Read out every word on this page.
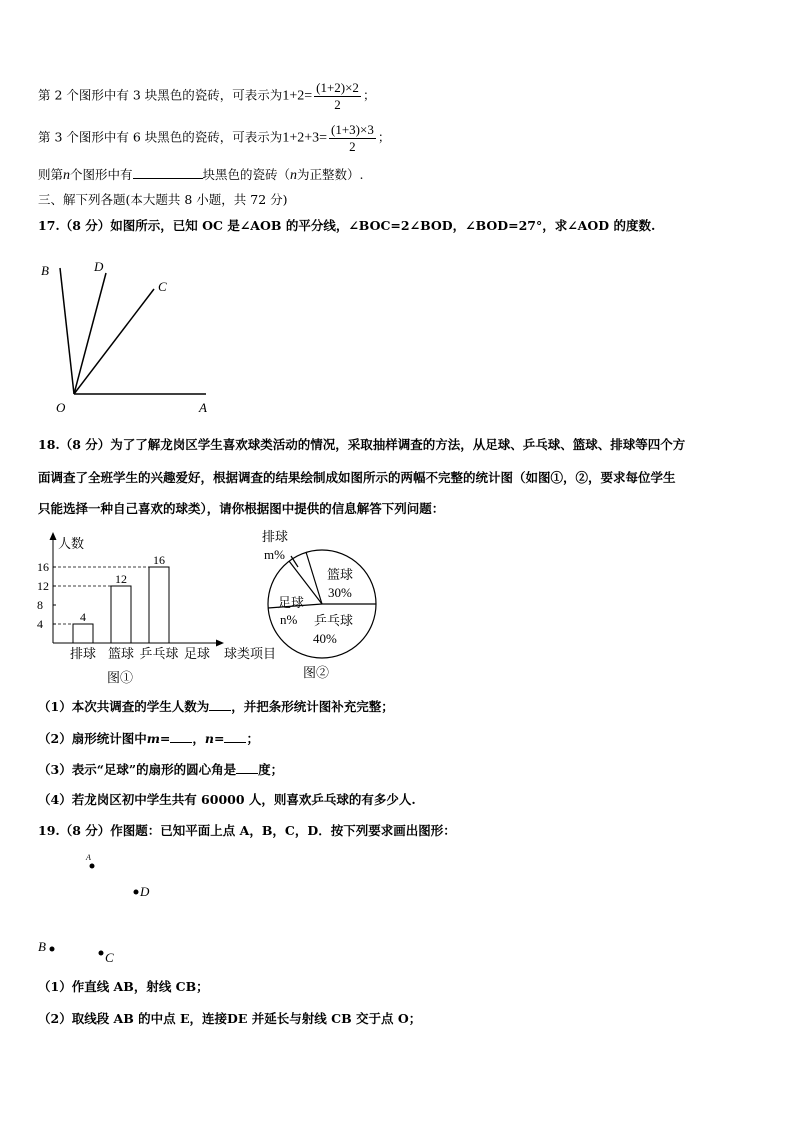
第 2 个图形中有 3 块黑色的瓷砖，可表示为$1+2= \frac{(1+2)\times 2}{2}$ ；
第 3 个图形中有 6 块黑色的瓷砖，可表示为$1+2+3= \frac{(1+3)\times 3}{2}$ ；
则第n个图形中有	块黑色的瓷砖（n为正整数）.
三、解下列各题(本大题共 8 小题，共 72 分)
17.（8 分）如图所示，已知 OC 是∠AOB 的平分线，∠BOC=2∠BOD，∠BOD=27°，求∠AOD 的度数.
B	D
C
O	A
18.（8 分）为了了解龙岗区学生喜欢球类活动的情况，采取抽样调查的方法，从足球、乒乓球、篮球、排球等四个方
面调查了全班学生的兴趣爱好，根据调查的结果绘制成如图所示的两幅不完整的统计图（如图①，②，要求每位学生
只能选择一种自己喜欢的球类），请你根据图中提供的信息解答下列问题：
4
8
12
16
4
排球
12
篮球
16
乒乓球 足球
人数
球类项目
图①
排球
m%
篮球
30%
乒乓球
40%
足球
n%
图②
（1）本次共调查的学生人数为 ，并把条形统计图补充完整；
（2）扇形统计图中m= ，n= ；
（3）表示“足球”的扇形的圆心角是 度；
（4）若龙岗区初中学生共有 60000 人，则喜欢乒乓球的有多少人.
19.（8 分）作图题：已知平面上点 A，B，C，D．按下列要求画出图形：
A
D
B
C
（1）作直线 AB，射线 CB；
（2）取线段 AB 的中点 E，连接DE 并延长与射线 CB 交于点 O；
